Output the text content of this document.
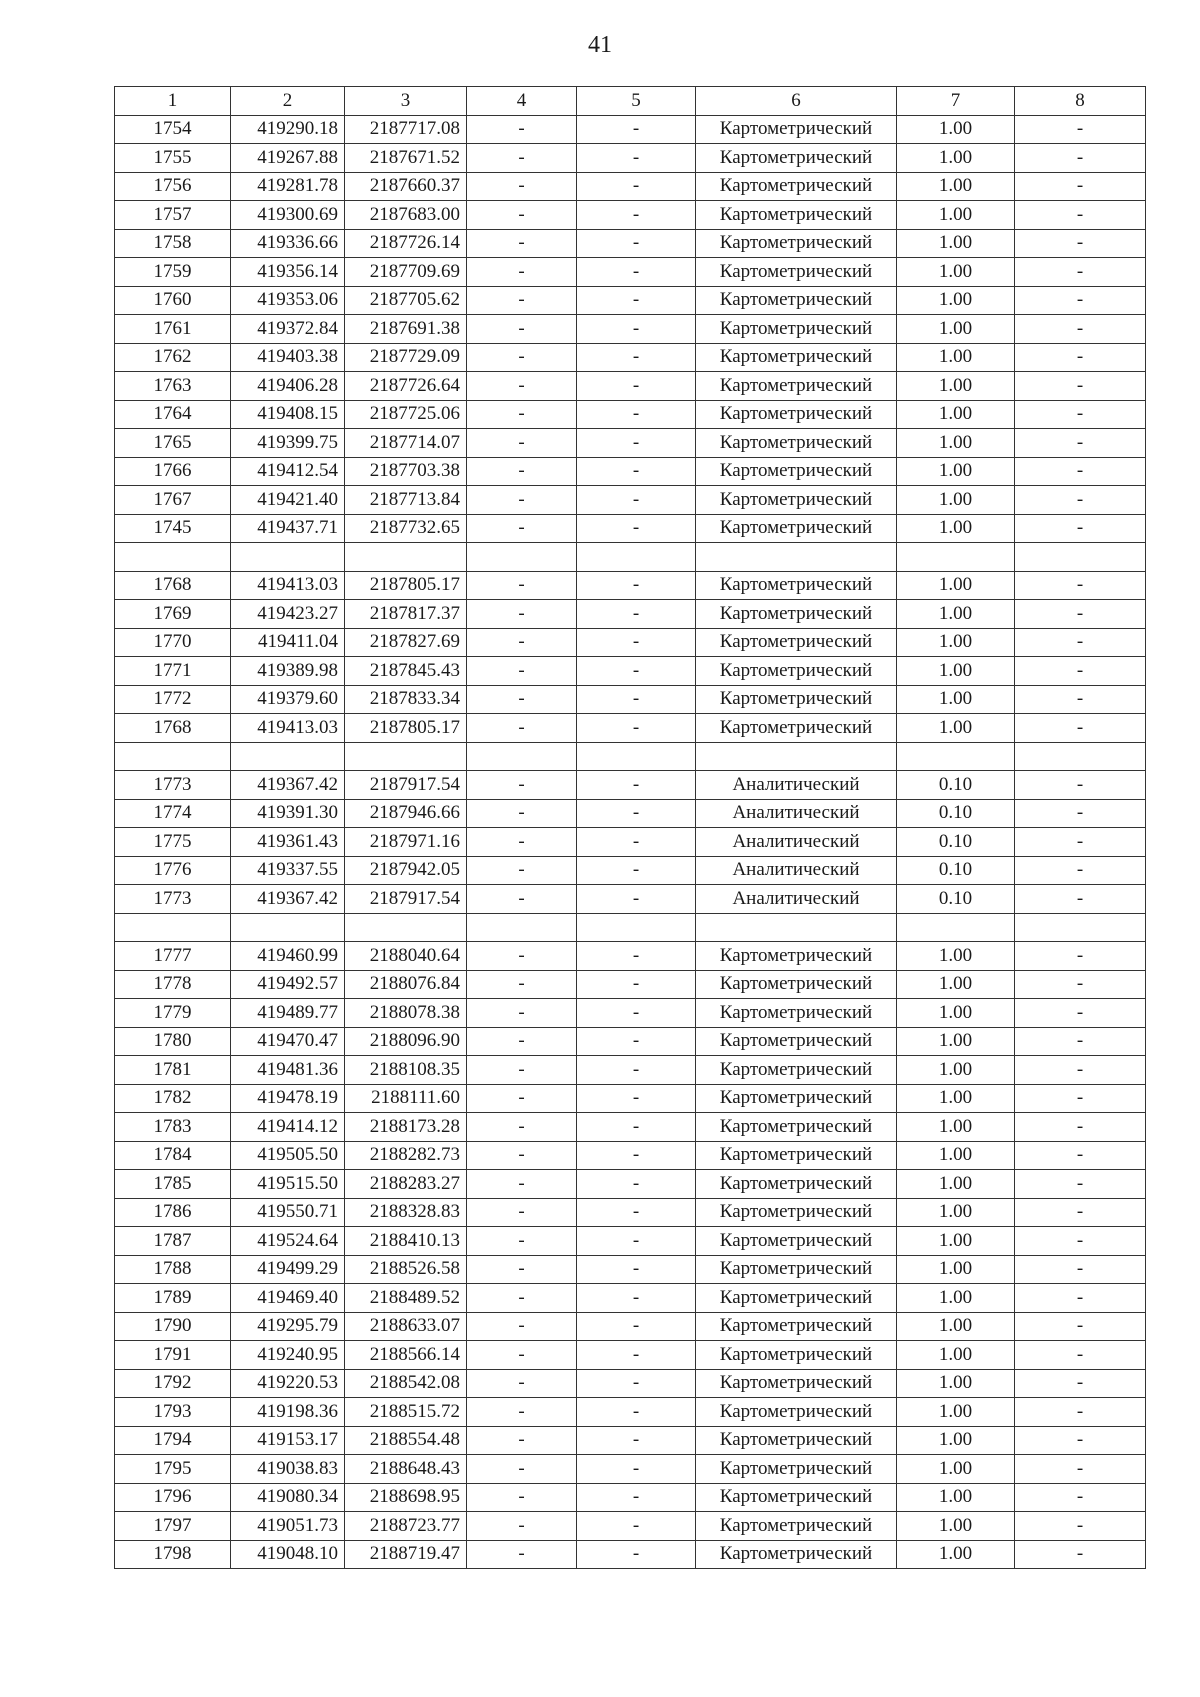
41
1	2	3	4	5	6	7	8
1754	419290.18	2187717.08	-	-	Картометрический	1.00	-
1755	419267.88	2187671.52	-	-	Картометрический	1.00	-
1756	419281.78	2187660.37	-	-	Картометрический	1.00	-
1757	419300.69	2187683.00	-	-	Картометрический	1.00	-
1758	419336.66	2187726.14	-	-	Картометрический	1.00	-
1759	419356.14	2187709.69	-	-	Картометрический	1.00	-
1760	419353.06	2187705.62	-	-	Картометрический	1.00	-
1761	419372.84	2187691.38	-	-	Картометрический	1.00	-
1762	419403.38	2187729.09	-	-	Картометрический	1.00	-
1763	419406.28	2187726.64	-	-	Картометрический	1.00	-
1764	419408.15	2187725.06	-	-	Картометрический	1.00	-
1765	419399.75	2187714.07	-	-	Картометрический	1.00	-
1766	419412.54	2187703.38	-	-	Картометрический	1.00	-
1767	419421.40	2187713.84	-	-	Картометрический	1.00	-
1745	419437.71	2187732.65	-	-	Картометрический	1.00	-

1768	419413.03	2187805.17	-	-	Картометрический	1.00	-
1769	419423.27	2187817.37	-	-	Картометрический	1.00	-
1770	419411.04	2187827.69	-	-	Картометрический	1.00	-
1771	419389.98	2187845.43	-	-	Картометрический	1.00	-
1772	419379.60	2187833.34	-	-	Картометрический	1.00	-
1768	419413.03	2187805.17	-	-	Картометрический	1.00	-

1773	419367.42	2187917.54	-	-	Аналитический	0.10	-
1774	419391.30	2187946.66	-	-	Аналитический	0.10	-
1775	419361.43	2187971.16	-	-	Аналитический	0.10	-
1776	419337.55	2187942.05	-	-	Аналитический	0.10	-
1773	419367.42	2187917.54	-	-	Аналитический	0.10	-

1777	419460.99	2188040.64	-	-	Картометрический	1.00	-
1778	419492.57	2188076.84	-	-	Картометрический	1.00	-
1779	419489.77	2188078.38	-	-	Картометрический	1.00	-
1780	419470.47	2188096.90	-	-	Картометрический	1.00	-
1781	419481.36	2188108.35	-	-	Картометрический	1.00	-
1782	419478.19	2188111.60	-	-	Картометрический	1.00	-
1783	419414.12	2188173.28	-	-	Картометрический	1.00	-
1784	419505.50	2188282.73	-	-	Картометрический	1.00	-
1785	419515.50	2188283.27	-	-	Картометрический	1.00	-
1786	419550.71	2188328.83	-	-	Картометрический	1.00	-
1787	419524.64	2188410.13	-	-	Картометрический	1.00	-
1788	419499.29	2188526.58	-	-	Картометрический	1.00	-
1789	419469.40	2188489.52	-	-	Картометрический	1.00	-
1790	419295.79	2188633.07	-	-	Картометрический	1.00	-
1791	419240.95	2188566.14	-	-	Картометрический	1.00	-
1792	419220.53	2188542.08	-	-	Картометрический	1.00	-
1793	419198.36	2188515.72	-	-	Картометрический	1.00	-
1794	419153.17	2188554.48	-	-	Картометрический	1.00	-
1795	419038.83	2188648.43	-	-	Картометрический	1.00	-
1796	419080.34	2188698.95	-	-	Картометрический	1.00	-
1797	419051.73	2188723.77	-	-	Картометрический	1.00	-
1798	419048.10	2188719.47	-	-	Картометрический	1.00	-
